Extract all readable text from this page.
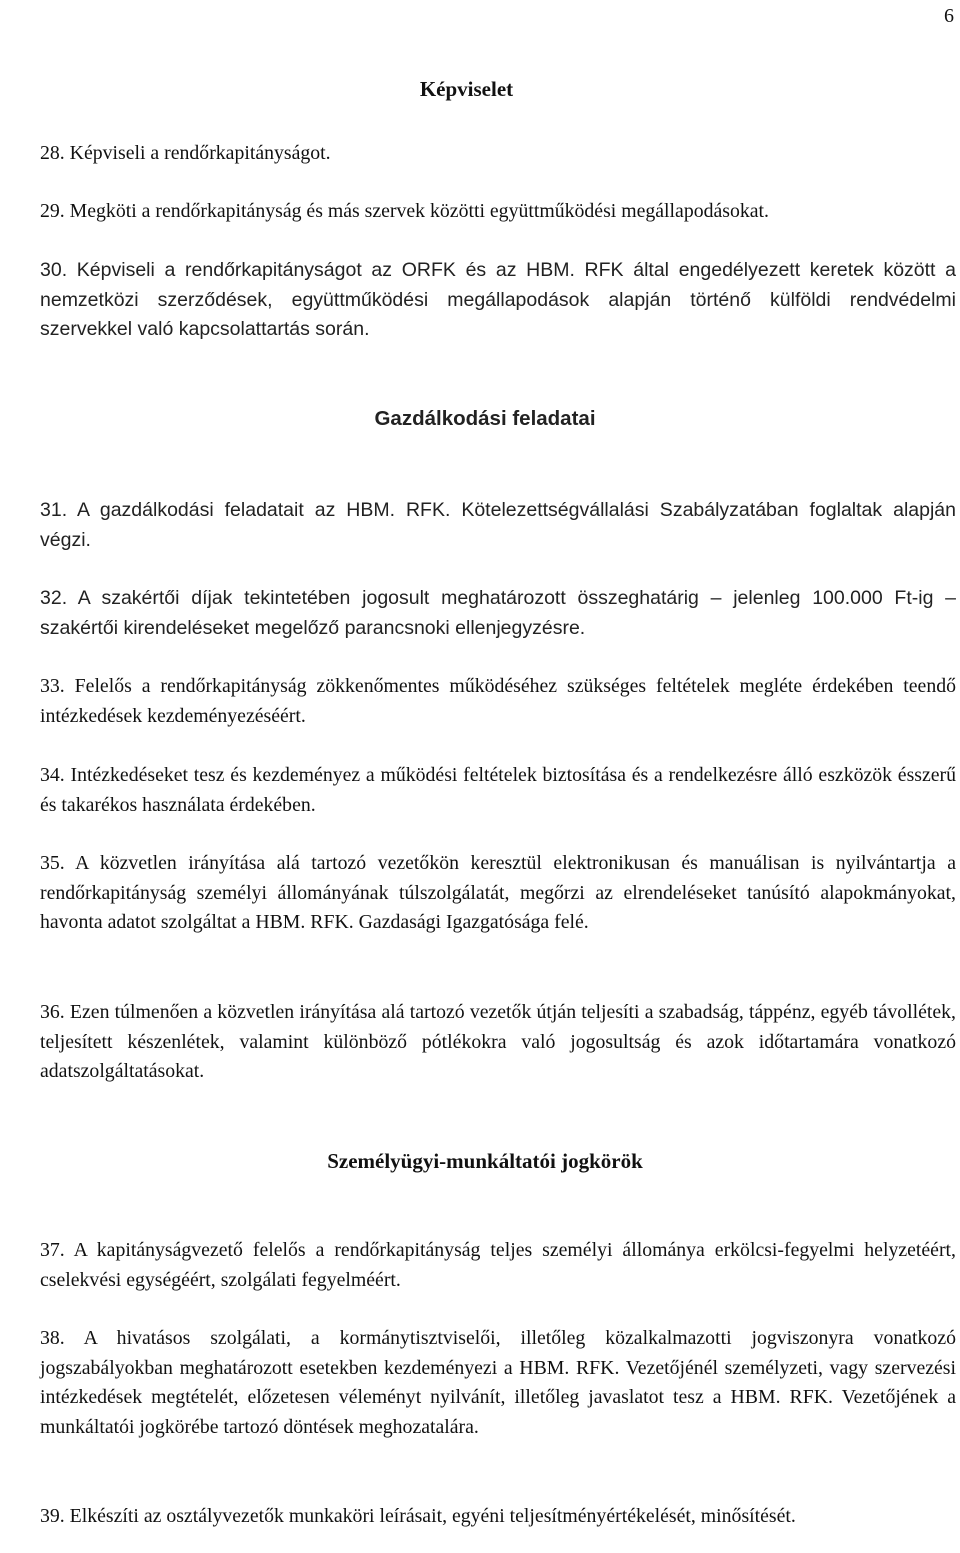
6
Képviselet
28. Képviseli a rendőrkapitányságot.
29. Megköti a rendőrkapitányság és más szervek közötti együttműködési megállapodásokat.
30. Képviseli a rendőrkapitányságot az ORFK és az HBM. RFK által engedélyezett keretek között a nemzetközi szerződések, együttműködési megállapodások alapján történő külföldi rendvédelmi szervekkel való kapcsolattartás során.
Gazdálkodási feladatai
31. A gazdálkodási feladatait az HBM. RFK. Kötelezettségvállalási Szabályzatában foglaltak alapján végzi.
32. A szakértői díjak tekintetében jogosult meghatározott összeghatárig – jelenleg 100.000 Ft-ig – szakértői kirendeléseket megelőző parancsnoki ellenjegyzésre.
33. Felelős a rendőrkapitányság zökkenőmentes működéséhez szükséges feltételek megléte érdekében teendő intézkedések kezdeményezéséért.
34. Intézkedéseket tesz és kezdeményez a működési feltételek biztosítása és a rendelkezésre álló eszközök ésszerű és takarékos használata érdekében.
35. A közvetlen irányítása alá tartozó vezetőkön keresztül elektronikusan és manuálisan is nyilvántartja a rendőrkapitányság személyi állományának túlszolgálatát, megőrzi az elrendeléseket tanúsító alapokmányokat, havonta adatot szolgáltat a HBM. RFK. Gazdasági Igazgatósága felé.
36. Ezen túlmenően a közvetlen irányítása alá tartozó vezetők útján teljesíti a szabadság, táppénz, egyéb távollétek, teljesített készenlétek, valamint különböző pótlékokra való jogosultság és azok időtartamára vonatkozó adatszolgáltatásokat.
Személyügyi-munkáltatói jogkörök
37. A kapitányságvezető felelős a rendőrkapitányság teljes személyi állománya erkölcsi-fegyelmi helyzetéért, cselekvési egységéért, szolgálati fegyelméért.
38. A hivatásos szolgálati, a kormánytisztviselői, illetőleg közalkalmazotti jogviszonyra vonatkozó jogszabályokban meghatározott esetekben kezdeményezi a HBM. RFK. Vezetőjénél személyzeti, vagy szervezési intézkedések megtételét, előzetesen véleményt nyilvánít, illetőleg javaslatot tesz a HBM. RFK. Vezetőjének a munkáltatói jogkörébe tartozó döntések meghozatalára.
39. Elkészíti az osztályvezetők munkaköri leírásait, egyéni teljesítményértékelését, minősítését.
